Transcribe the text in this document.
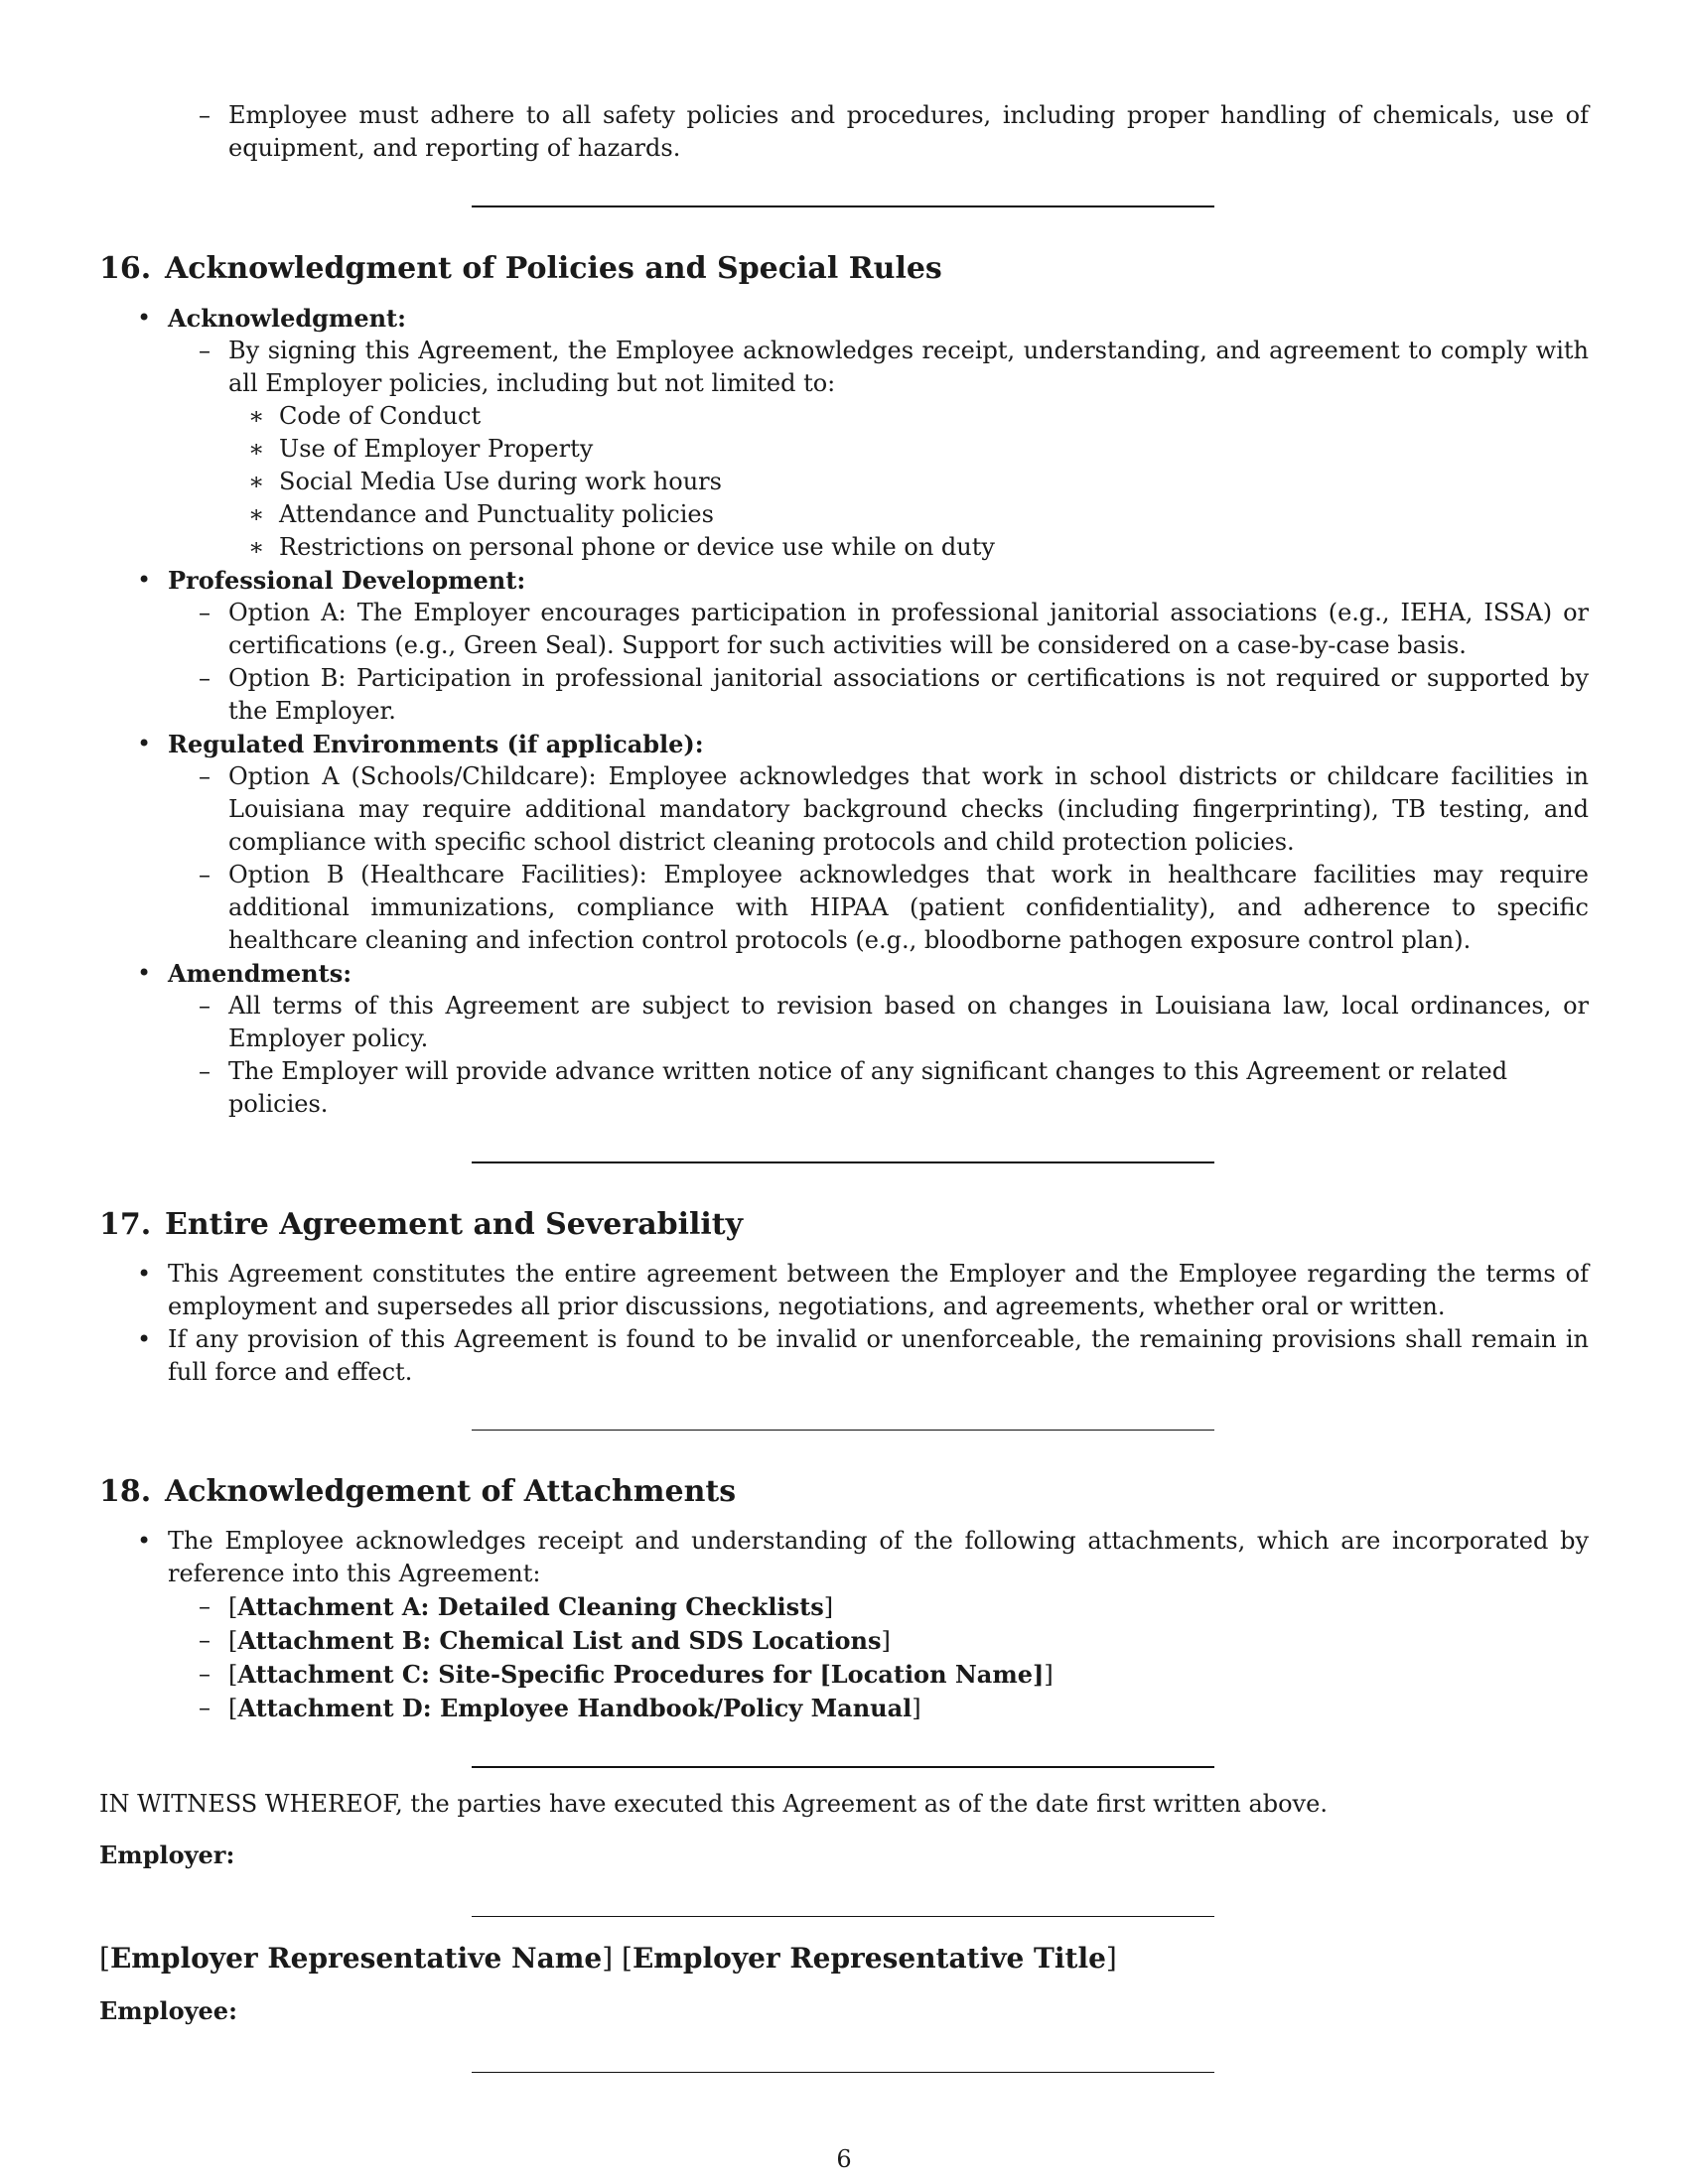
– Employee must adhere to all safety policies and procedures, including proper handling of chemicals, use of equipment, and reporting of hazards.
16. Acknowledgment of Policies and Special Rules
• Acknowledgment:
– By signing this Agreement, the Employee acknowledges receipt, understanding, and agreement to comply with all Employer policies, including but not limited to:
∗ Code of Conduct
∗ Use of Employer Property
∗ Social Media Use during work hours
∗ Attendance and Punctuality policies
∗ Restrictions on personal phone or device use while on duty
• Professional Development:
– Option A: The Employer encourages participation in professional janitorial associations (e.g., IEHA, ISSA) or certifications (e.g., Green Seal). Support for such activities will be considered on a case-by-case basis.
– Option B: Participation in professional janitorial associations or certifications is not required or supported by the Employer.
• Regulated Environments (if applicable):
– Option A (Schools/Childcare): Employee acknowledges that work in school districts or childcare facilities in Louisiana may require additional mandatory background checks (including fingerprinting), TB testing, and compliance with specific school district cleaning protocols and child protection policies.
– Option B (Healthcare Facilities): Employee acknowledges that work in healthcare facilities may require additional immunizations, compliance with HIPAA (patient confidentiality), and adherence to specific healthcare cleaning and infection control protocols (e.g., bloodborne pathogen exposure control plan).
• Amendments:
– All terms of this Agreement are subject to revision based on changes in Louisiana law, local ordinances, or Employer policy.
– The Employer will provide advance written notice of any significant changes to this Agreement or related policies.
17. Entire Agreement and Severability
• This Agreement constitutes the entire agreement between the Employer and the Employee regarding the terms of employment and supersedes all prior discussions, negotiations, and agreements, whether oral or written.
• If any provision of this Agreement is found to be invalid or unenforceable, the remaining provisions shall remain in full force and effect.
18. Acknowledgement of Attachments
• The Employee acknowledges receipt and understanding of the following attachments, which are incorporated by reference into this Agreement:
– [Attachment A: Detailed Cleaning Checklists]
– [Attachment B: Chemical List and SDS Locations]
– [Attachment C: Site-Specific Procedures for [Location Name]]
– [Attachment D: Employee Handbook/Policy Manual]

IN WITNESS WHEREOF, the parties have executed this Agreement as of the date first written above.

Employer:

[Employer Representative Name] [Employer Representative Title]

Employee:

6
